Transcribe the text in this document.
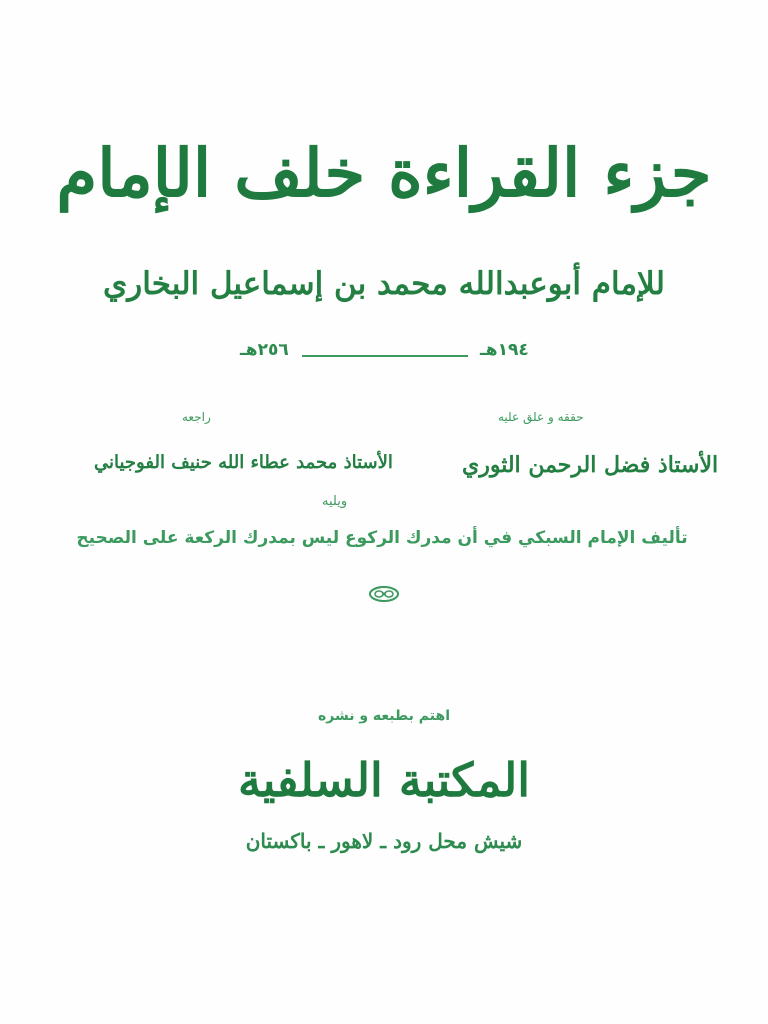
جزء القراءة خلف الإمام
للإمام أبوعبدالله محمد بن إسماعيل البخاري
٢٥٦هـ	١٩٤هـ
حققه و علق عليه
راجعه
الأستاذ فضل الرحمن الثوري
الأستاذ محمد عطاء الله حنيف الفوجياني
ويليه
تأليف الإمام السبكي في أن مدرك الركوع ليس بمدرك الركعة على الصحيح
اهتم بطبعه و نشره
المكتبة السلفية
شيش محل رود ـ لاهور ـ باكستان
